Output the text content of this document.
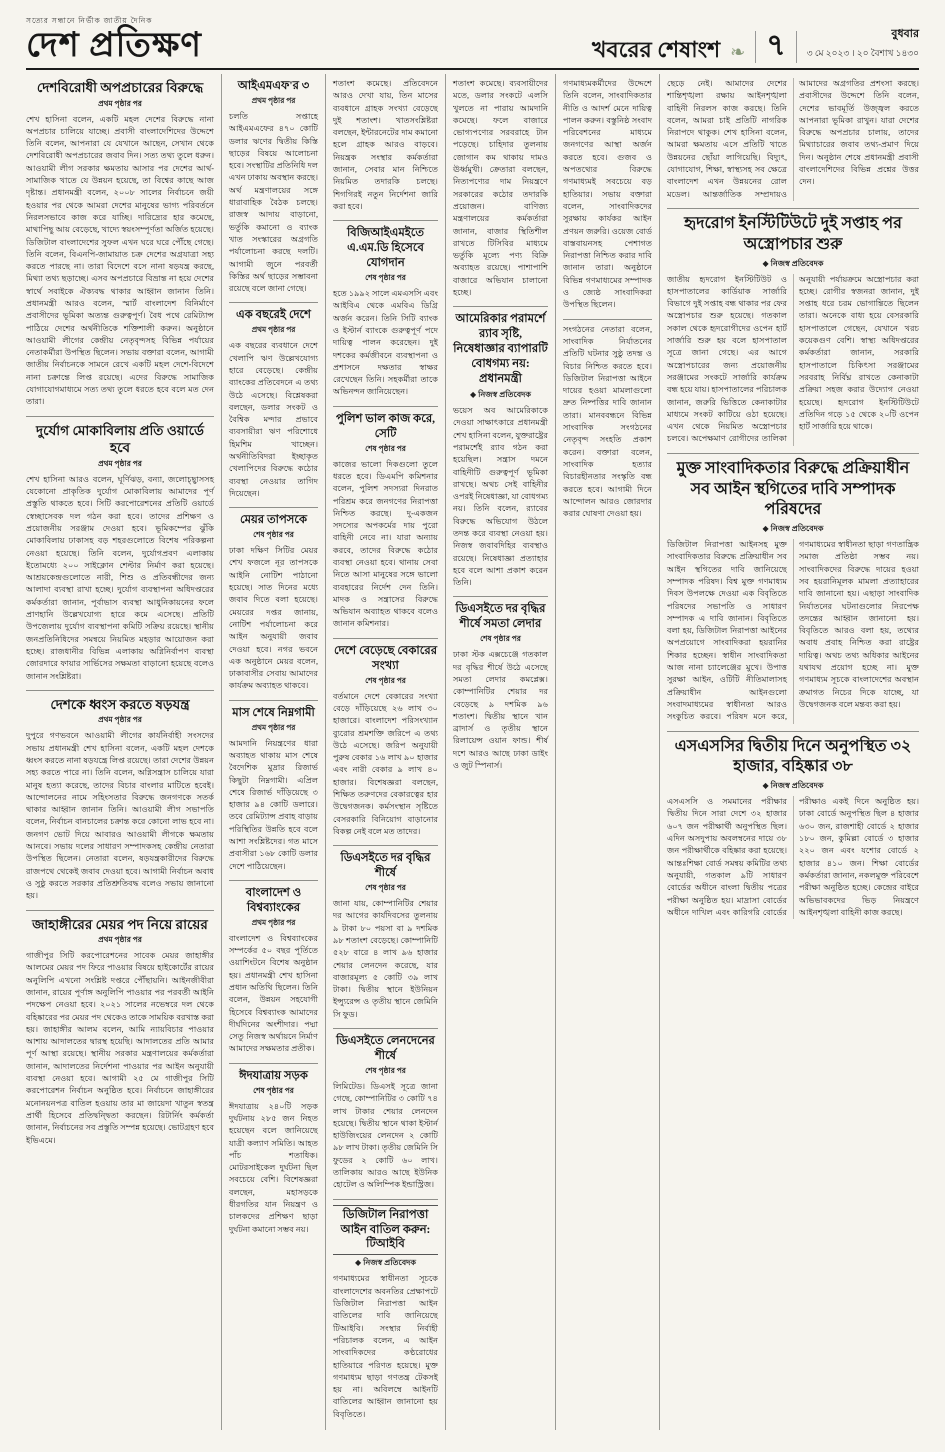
সত্যের সন্ধানে নির্ভীক জাতীয় দৈনিক
দেশ প্রতিক্ষণ	খবরের শেষাংশ ❧ ৭	বুধবার
৩ মে ২০২৩ । ২০ বৈশাখ ১৪৩০
দেশবিরোধী অপপ্রচারের বিরুদ্ধে
প্রথম পৃষ্ঠার পর

শেখ হাসিনা বলেন, একটি মহল দেশের বিরুদ্ধে নানা অপপ্রচার চালিয়ে যাচ্ছে। প্রবাসী বাংলাদেশিদের উদ্দেশে তিনি বলেন, আপনারা যে যেখানে আছেন, সেখান থেকে দেশবিরোধী অপপ্রচারের জবাব দিন। সত্য তথ্য তুলে ধরুন। আওয়ামী লীগ সরকার ক্ষমতায় আসার পর দেশের আর্থ-সামাজিক খাতে যে উন্নয়ন হয়েছে, তা বিশ্বের কাছে আজ দৃষ্টান্ত। প্রধানমন্ত্রী বলেন, ২০০৮ সালের নির্বাচনে জয়ী হওয়ার পর থেকে আমরা দেশের মানুষের ভাগ্য পরিবর্তনে নিরলসভাবে কাজ করে যাচ্ছি। দারিদ্র্যের হার কমেছে, মাথাপিছু আয় বেড়েছে, খাদ্যে স্বয়ংসম্পূর্ণতা অর্জিত হয়েছে। ডিজিটাল বাংলাদেশের সুফল এখন ঘরে ঘরে পৌঁছে গেছে। তিনি বলেন, বিএনপি-জামায়াত চক্র দেশের অগ্রযাত্রা সহ্য করতে পারছে না। তারা বিদেশে বসে নানা ষড়যন্ত্র করছে, মিথ্যা তথ্য ছড়াচ্ছে। এসব অপপ্রচারে বিভ্রান্ত না হয়ে দেশের স্বার্থে সবাইকে ঐক্যবদ্ধ থাকার আহ্বান জানান তিনি। প্রধানমন্ত্রী আরও বলেন, স্মার্ট বাংলাদেশ বিনির্মাণে প্রবাসীদের ভূমিকা অত্যন্ত গুরুত্বপূর্ণ। বৈধ পথে রেমিট্যান্স পাঠিয়ে দেশের অর্থনীতিকে শক্তিশালী করুন। অনুষ্ঠানে আওয়ামী লীগের কেন্দ্রীয় নেতৃবৃন্দসহ বিভিন্ন পর্যায়ের নেতাকর্মীরা উপস্থিত ছিলেন। সভায় বক্তারা বলেন, আগামী জাতীয় নির্বাচনকে সামনে রেখে একটি মহল দেশে-বিদেশে নানা চক্রান্তে লিপ্ত রয়েছে। এদের বিরুদ্ধে সামাজিক যোগাযোগমাধ্যমে সত্য তথ্য তুলে ধরতে হবে বলে মত দেন তারা।

দুর্যোগ মোকাবিলায় প্রতি ওয়ার্ডে হবে
প্রথম পৃষ্ঠার পর

শেখ হাসিনা আরও বলেন, ঘূর্ণিঝড়, বন্যা, জলোচ্ছ্বাসসহ যেকোনো প্রাকৃতিক দুর্যোগ মোকাবিলায় আমাদের পূর্ণ প্রস্তুতি থাকতে হবে। সিটি করপোরেশনের প্রতিটি ওয়ার্ডে স্বেচ্ছাসেবক দল গঠন করা হবে। তাদের প্রশিক্ষণ ও প্রয়োজনীয় সরঞ্জাম দেওয়া হবে। ভূমিকম্পের ঝুঁকি মোকাবিলায় ঢাকাসহ বড় শহরগুলোতে বিশেষ পরিকল্পনা নেওয়া হয়েছে। তিনি বলেন, দুর্যোগপ্রবণ এলাকায় ইতোমধ্যে ২০০ সাইক্লোন শেল্টার নির্মাণ করা হয়েছে। আশ্রয়কেন্দ্রগুলোতে নারী, শিশু ও প্রতিবন্ধীদের জন্য আলাদা ব্যবস্থা রাখা হচ্ছে। দুর্যোগ ব্যবস্থাপনা অধিদপ্তরের কর্মকর্তারা জানান, পূর্বাভাস ব্যবস্থা আধুনিকায়নের ফলে প্রাণহানি উল্লেখযোগ্য হারে কমে এসেছে। প্রতিটি উপজেলায় দুর্যোগ ব্যবস্থাপনা কমিটি সক্রিয় রয়েছে। স্থানীয় জনপ্রতিনিধিদের সমন্বয়ে নিয়মিত মহড়ার আয়োজন করা হচ্ছে। রাজধানীর বিভিন্ন এলাকায় অগ্নিনির্বাপণ ব্যবস্থা জোরদারে ফায়ার সার্ভিসের সক্ষমতা বাড়ানো হয়েছে বলেও জানান সংশ্লিষ্টরা।

দেশকে ধ্বংস করতে ষড়যন্ত্র
প্রথম পৃষ্ঠার পর

দুপুরে গণভবনে আওয়ামী লীগের কার্যনির্বাহী সংসদের সভায় প্রধানমন্ত্রী শেখ হাসিনা বলেন, একটি মহল দেশকে ধ্বংস করতে নানা ষড়যন্ত্রে লিপ্ত রয়েছে। তারা দেশের উন্নয়ন সহ্য করতে পারে না। তিনি বলেন, অগ্নিসন্ত্রাস চালিয়ে যারা মানুষ হত্যা করেছে, তাদের বিচার বাংলার মাটিতে হবেই। আন্দোলনের নামে সহিংসতার বিরুদ্ধে জনগণকে সতর্ক থাকার আহ্বান জানান তিনি। আওয়ামী লীগ সভাপতি বলেন, নির্বাচন বানচালের চক্রান্ত করে কোনো লাভ হবে না। জনগণ ভোট দিয়ে আবারও আওয়ামী লীগকে ক্ষমতায় আনবে। সভায় দলের সাধারণ সম্পাদকসহ কেন্দ্রীয় নেতারা উপস্থিত ছিলেন। নেতারা বলেন, ষড়যন্ত্রকারীদের বিরুদ্ধে রাজপথে থেকেই জবাব দেওয়া হবে। আগামী নির্বাচন অবাধ ও সুষ্ঠু করতে সরকার প্রতিশ্রুতিবদ্ধ বলেও সভায় জানানো হয়।

জাহাঙ্গীরের মেয়র পদ নিয়ে রায়ের
প্রথম পৃষ্ঠার পর

গাজীপুর সিটি করপোরেশনের সাবেক মেয়র জাহাঙ্গীর আলমের মেয়র পদ ফিরে পাওয়ার বিষয়ে হাইকোর্টের রায়ের অনুলিপি এখনো সংশ্লিষ্ট দপ্তরে পৌঁছায়নি। আইনজীবীরা জানান, রায়ের পূর্ণাঙ্গ অনুলিপি পাওয়ার পর পরবর্তী আইনি পদক্ষেপ নেওয়া হবে। ২০২১ সালের নভেম্বরে দল থেকে বহিষ্কারের পর মেয়র পদ থেকেও তাকে সাময়িক বরখাস্ত করা হয়। জাহাঙ্গীর আলম বলেন, আমি ন্যায়বিচার পাওয়ার আশায় আদালতের দ্বারস্থ হয়েছি। আদালতের প্রতি আমার পূর্ণ আস্থা রয়েছে। স্থানীয় সরকার মন্ত্রণালয়ের কর্মকর্তারা জানান, আদালতের নির্দেশনা পাওয়ার পর আইন অনুযায়ী ব্যবস্থা নেওয়া হবে। আগামী ২৫ মে গাজীপুর সিটি করপোরেশন নির্বাচন অনুষ্ঠিত হবে। নির্বাচনে জাহাঙ্গীরের মনোনয়নপত্র বাতিল হওয়ায় তার মা জায়েদা খাতুন স্বতন্ত্র প্রার্থী হিসেবে প্রতিদ্বন্দ্বিতা করছেন। রিটার্নিং কর্মকর্তা জানান, নির্বাচনের সব প্রস্তুতি সম্পন্ন হয়েছে। ভোটগ্রহণ হবে ইভিএমে।

আইএমএফ'র ৩
প্রথম পৃষ্ঠার পর

চলতি সপ্তাহে আইএমএফের ৪৭০ কোটি ডলার ঋণের দ্বিতীয় কিস্তি ছাড়ের বিষয়ে আলোচনা হবে। সংস্থাটির প্রতিনিধি দল এখন ঢাকায় অবস্থান করছে। অর্থ মন্ত্রণালয়ের সঙ্গে ধারাবাহিক বৈঠক চলছে। রাজস্ব আদায় বাড়ানো, ভর্তুকি কমানো ও ব্যাংক খাত সংস্কারের অগ্রগতি পর্যালোচনা করছে দলটি। আগামী জুনে পরবর্তী কিস্তির অর্থ ছাড়ের সম্ভাবনা রয়েছে বলে জানা গেছে।

এক বছরেই দেশে
প্রথম পৃষ্ঠার পর

এক বছরের ব্যবধানে দেশে খেলাপি ঋণ উল্লেখযোগ্য হারে বেড়েছে। কেন্দ্রীয় ব্যাংকের প্রতিবেদনে এ তথ্য উঠে এসেছে। বিশ্লেষকরা বলছেন, ডলার সংকট ও বৈশ্বিক মন্দার প্রভাবে ব্যবসায়ীরা ঋণ পরিশোধে হিমশিম খাচ্ছেন। অর্থনীতিবিদরা ইচ্ছাকৃত খেলাপিদের বিরুদ্ধে কঠোর ব্যবস্থা নেওয়ার তাগিদ দিয়েছেন।

মেয়র তাপসকে
শেষ পৃষ্ঠার পর

ঢাকা দক্ষিণ সিটির মেয়র শেখ ফজলে নূর তাপসকে আইনি নোটিশ পাঠানো হয়েছে। সাত দিনের মধ্যে জবাব দিতে বলা হয়েছে। মেয়রের দপ্তর জানায়, নোটিশ পর্যালোচনা করে আইন অনুযায়ী জবাব দেওয়া হবে। নগর ভবনে এক অনুষ্ঠানে মেয়র বলেন, ঢাকাবাসীর সেবায় আমাদের কার্যক্রম অব্যাহত থাকবে।

মাস শেষে নিম্নগামী
প্রথম পৃষ্ঠার পর

আমদানি নিয়ন্ত্রণের ধারা অব্যাহত থাকায় মাস শেষে বৈদেশিক মুদ্রার রিজার্ভ কিছুটা নিম্নগামী। এপ্রিল শেষে রিজার্ভ দাঁড়িয়েছে ৩ হাজার ৯৪ কোটি ডলারে। তবে রেমিট্যান্স প্রবাহ বাড়ায় পরিস্থিতির উন্নতি হবে বলে আশা সংশ্লিষ্টদের। গত মাসে প্রবাসীরা ১৬৮ কোটি ডলার দেশে পাঠিয়েছেন।

বাংলাদেশ ও বিশ্বব্যাংকের
প্রথম পৃষ্ঠার পর

বাংলাদেশ ও বিশ্বব্যাংকের সম্পর্কের ৫০ বছর পূর্তিতে ওয়াশিংটনে বিশেষ অনুষ্ঠান হয়। প্রধানমন্ত্রী শেখ হাসিনা প্রধান অতিথি ছিলেন। তিনি বলেন, উন্নয়ন সহযোগী হিসেবে বিশ্বব্যাংক আমাদের দীর্ঘদিনের অংশীদার। পদ্মা সেতু নিজস্ব অর্থায়নে নির্মাণ আমাদের সক্ষমতার প্রতীক।

ঈদযাত্রায় সড়ক
শেষ পৃষ্ঠার পর

ঈদযাত্রায় ২৪০টি সড়ক দুর্ঘটনায় ২৮৫ জন নিহত হয়েছেন বলে জানিয়েছে যাত্রী কল্যাণ সমিতি। আহত পাঁচ শতাধিক। মোটরসাইকেল দুর্ঘটনা ছিল সবচেয়ে বেশি। বিশেষজ্ঞরা বলছেন, মহাসড়কে ধীরগতির যান নিয়ন্ত্রণ ও চালকদের প্রশিক্ষণ ছাড়া দুর্ঘটনা কমানো সম্ভব নয়।

শতাংশ কমেছে। প্রতিবেদনে আরও দেখা যায়, তিন মাসের ব্যবধানে গ্রাহক সংখ্যা বেড়েছে দুই শতাংশ। খাতসংশ্লিষ্টরা বলছেন, ইন্টারনেটের দাম কমানো হলে গ্রাহক আরও বাড়বে। নিয়ন্ত্রক সংস্থার কর্মকর্তারা জানান, সেবার মান নিশ্চিতে নিয়মিত তদারকি চলছে। শিগগিরই নতুন নির্দেশনা জারি করা হবে।

বিজিআইএমইতে এ.এম.ডি হিসেবে যোগদান
শেষ পৃষ্ঠার পর

হতে ১৯৯২ সালে এমএসসি এবং আইবিএ থেকে এমবিএ ডিগ্রি অর্জন করেন। তিনি সিটি ব্যাংক ও ইস্টার্ন ব্যাংকে গুরুত্বপূর্ণ পদে দায়িত্ব পালন করেছেন। দুই দশকের কর্মজীবনে ব্যবস্থাপনা ও প্রশাসনে দক্ষতার স্বাক্ষর রেখেছেন তিনি। সহকর্মীরা তাকে অভিনন্দন জানিয়েছেন।

পুলিশ ভাল কাজ করে, সেটি
শেষ পৃষ্ঠার পর

কাজের ভালো দিকগুলো তুলে ধরতে হবে। ডিএমপি কমিশনার বলেন, পুলিশ সদস্যরা দিনরাত পরিশ্রম করে জনগণের নিরাপত্তা নিশ্চিত করছে। দু-একজন সদস্যের অপকর্মের দায় পুরো বাহিনী নেবে না। যারা অন্যায় করবে, তাদের বিরুদ্ধে কঠোর ব্যবস্থা নেওয়া হবে। থানায় সেবা নিতে আসা মানুষের সঙ্গে ভালো ব্যবহারের নির্দেশ দেন তিনি। মাদক ও সন্ত্রাসের বিরুদ্ধে অভিযান অব্যাহত থাকবে বলেও জানান কমিশনার।

দেশে বেড়েছে বেকারের সংখ্যা
শেষ পৃষ্ঠার পর

বর্তমানে দেশে বেকারের সংখ্যা বেড়ে দাঁড়িয়েছে ২৬ লাখ ৩০ হাজারে। বাংলাদেশ পরিসংখ্যান ব্যুরোর শ্রমশক্তি জরিপে এ তথ্য উঠে এসেছে। জরিপ অনুযায়ী পুরুষ বেকার ১৬ লাখ ৯০ হাজার এবং নারী বেকার ৯ লাখ ৪০ হাজার। বিশেষজ্ঞরা বলছেন, শিক্ষিত তরুণদের বেকারত্বের হার উদ্বেগজনক। কর্মসংস্থান সৃষ্টিতে বেসরকারি বিনিয়োগ বাড়ানোর বিকল্প নেই বলে মত তাদের।

ডিএসইতে দর বৃদ্ধির শীর্ষে
শেষ পৃষ্ঠার পর

জানা যায়, কোম্পানিটির শেয়ার দর আগের কার্যদিবসের তুলনায় ৯ টাকা ৮০ পয়সা বা ৯ দশমিক ৯৮ শতাংশ বেড়েছে। কোম্পানিটি ৫২৮ বারে ৪ লাখ ৯৬ হাজার শেয়ার লেনদেন করেছে, যার বাজারমূল্য ৫ কোটি ৩৯ লাখ টাকা। দ্বিতীয় স্থানে ইউনিয়ন ইন্স্যুরেন্স ও তৃতীয় স্থানে জেমিনি সি ফুড।

ডিএসইতে লেনদেনের শীর্ষে
শেষ পৃষ্ঠার পর

লিমিটেড। ডিএসই সূত্রে জানা গেছে, কোম্পানিটির ৩ কোটি ৭৪ লাখ টাকার শেয়ার লেনদেন হয়েছে। দ্বিতীয় স্থানে থাকা ইস্টার্ন হাউজিংয়ের লেনদেন ২ কোটি ৯৮ লাখ টাকা। তৃতীয় জেমিনি সি ফুডের ২ কোটি ৬০ লাখ। তালিকায় আরও আছে ইউনিক হোটেল ও অলিম্পিক ইন্ডাস্ট্রিজ।

ডিজিটাল নিরাপত্তা আইন বাতিল করুন: টিআইবি
◆ নিজস্ব প্রতিবেদক

গণমাধ্যমের স্বাধীনতা সূচকে বাংলাদেশের অবনতির প্রেক্ষাপটে ডিজিটাল নিরাপত্তা আইন বাতিলের দাবি জানিয়েছে টিআইবি। সংস্থার নির্বাহী পরিচালক বলেন, এ আইন সাংবাদিকদের কণ্ঠরোধের হাতিয়ারে পরিণত হয়েছে। মুক্ত গণমাধ্যম ছাড়া গণতন্ত্র টেকসই হয় না। অবিলম্বে আইনটি বাতিলের আহ্বান জানানো হয় বিবৃতিতে।

শতাংশ কমেছে। ব্যবসায়ীদের মতে, ডলার সংকটে এলসি খুলতে না পারায় আমদানি কমেছে। ফলে বাজারে ভোগ্যপণ্যের সরবরাহে টান পড়েছে। চাহিদার তুলনায় জোগান কম থাকায় দামও ঊর্ধ্বমুখী। ক্রেতারা বলছেন, নিত্যপণ্যের দাম নিয়ন্ত্রণে সরকারের কঠোর তদারকি প্রয়োজন। বাণিজ্য মন্ত্রণালয়ের কর্মকর্তারা জানান, বাজার স্থিতিশীল রাখতে টিসিবির মাধ্যমে ভর্তুকি মূল্যে পণ্য বিক্রি অব্যাহত রয়েছে। পাশাপাশি বাজারে অভিযান চালানো হচ্ছে।

আমেরিকার পরামর্শে র‍্যাব সৃষ্টি, নিষেধাজ্ঞার ব্যাপারটি বোধগম্য নয়: প্রধানমন্ত্রী
◆ নিজস্ব প্রতিবেদক

ভয়েস অব আমেরিকাকে দেওয়া সাক্ষাৎকারে প্রধানমন্ত্রী শেখ হাসিনা বলেন, যুক্তরাষ্ট্রের পরামর্শেই র‍্যাব গঠন করা হয়েছিল। সন্ত্রাস দমনে বাহিনীটি গুরুত্বপূর্ণ ভূমিকা রাখছে। অথচ সেই বাহিনীর ওপরই নিষেধাজ্ঞা, যা বোধগম্য নয়। তিনি বলেন, র‍্যাবের বিরুদ্ধে অভিযোগ উঠলে তদন্ত করে ব্যবস্থা নেওয়া হয়। নিজস্ব জবাবদিহির ব্যবস্থাও রয়েছে। নিষেধাজ্ঞা প্রত্যাহার হবে বলে আশা প্রকাশ করেন তিনি।

ডিএসইতে দর বৃদ্ধির শীর্ষে সমতা লেদার
শেষ পৃষ্ঠার পর

ঢাকা স্টক এক্সচেঞ্জে গতকাল দর বৃদ্ধির শীর্ষে উঠে এসেছে সমতা লেদার কমপ্লেক্স। কোম্পানিটির শেয়ার দর বেড়েছে ৯ দশমিক ৯৬ শতাংশ। দ্বিতীয় স্থানে খান ব্রাদার্স ও তৃতীয় স্থানে রিলায়েন্স ওয়ান ফান্ড। শীর্ষ দশে আরও আছে ঢাকা ডাইং ও জুট স্পিনার্স।

গণমাধ্যমকর্মীদের উদ্দেশে তিনি বলেন, সাংবাদিকতার নীতি ও আদর্শ মেনে দায়িত্ব পালন করুন। বস্তুনিষ্ঠ সংবাদ পরিবেশনের মাধ্যমে জনগণের আস্থা অর্জন করতে হবে। গুজব ও অপতথ্যের বিরুদ্ধে গণমাধ্যমই সবচেয়ে বড় হাতিয়ার। সভায় বক্তারা বলেন, সাংবাদিকদের সুরক্ষায় কার্যকর আইন প্রণয়ন জরুরি। ওয়েজ বোর্ড বাস্তবায়নসহ পেশাগত নিরাপত্তা নিশ্চিত করার দাবি জানান তারা। অনুষ্ঠানে বিভিন্ন গণমাধ্যমের সম্পাদক ও জ্যেষ্ঠ সাংবাদিকরা উপস্থিত ছিলেন।

সংগঠনের নেতারা বলেন, সাংবাদিক নির্যাতনের প্রতিটি ঘটনার সুষ্ঠু তদন্ত ও বিচার নিশ্চিত করতে হবে। ডিজিটাল নিরাপত্তা আইনে দায়ের হওয়া মামলাগুলো দ্রুত নিষ্পত্তির দাবি জানান তারা। মানববন্ধনে বিভিন্ন সাংবাদিক সংগঠনের নেতৃবৃন্দ সংহতি প্রকাশ করেন। বক্তারা বলেন, সাংবাদিক হত্যার বিচারহীনতার সংস্কৃতি বন্ধ করতে হবে। আগামী দিনে আন্দোলন আরও জোরদার করার ঘোষণা দেওয়া হয়।

ছেড়ে নেই। আমাদের দেশের শান্তিশৃঙ্খলা রক্ষায় আইনশৃঙ্খলা বাহিনী নিরলস কাজ করছে। তিনি বলেন, আমরা চাই প্রতিটি নাগরিক নিরাপদে থাকুক। শেখ হাসিনা বলেন, আমরা ক্ষমতায় এসে প্রতিটি খাতে উন্নয়নের ছোঁয়া লাগিয়েছি। বিদ্যুৎ, যোগাযোগ, শিক্ষা, স্বাস্থ্যসহ সব ক্ষেত্রে বাংলাদেশ এখন উন্নয়নের রোল মডেল। আন্তর্জাতিক সম্প্রদায়ও আমাদের অগ্রগতির প্রশংসা করছে। প্রবাসীদের উদ্দেশে তিনি বলেন, দেশের ভাবমূর্তি উজ্জ্বল করতে আপনারা ভূমিকা রাখুন। যারা দেশের বিরুদ্ধে অপপ্রচার চালায়, তাদের মিথ্যাচারের জবাব তথ্য-প্রমাণ দিয়ে দিন। অনুষ্ঠান শেষে প্রধানমন্ত্রী প্রবাসী বাংলাদেশিদের বিভিন্ন প্রশ্নের উত্তর দেন।

হৃদরোগ ইনস্টিটিউটে দুই সপ্তাহ পর অস্ত্রোপচার শুরু
◆ নিজস্ব প্রতিবেদক

জাতীয় হৃদরোগ ইনস্টিটিউট ও হাসপাতালের কার্ডিয়াক সার্জারি বিভাগে দুই সপ্তাহ বন্ধ থাকার পর ফের অস্ত্রোপচার শুরু হয়েছে। গতকাল সকাল থেকে হৃদরোগীদের ওপেন হার্ট সার্জারি শুরু হয় বলে হাসপাতাল সূত্রে জানা গেছে। এর আগে অস্ত্রোপচারের জন্য প্রয়োজনীয় সরঞ্জামের সংকটে সার্জারি কার্যক্রম বন্ধ হয়ে যায়। হাসপাতালের পরিচালক জানান, জরুরি ভিত্তিতে কেনাকাটার মাধ্যমে সংকট কাটিয়ে ওঠা হয়েছে। এখন থেকে নিয়মিত অস্ত্রোপচার চলবে। অপেক্ষমাণ রোগীদের তালিকা অনুযায়ী পর্যায়ক্রমে অস্ত্রোপচার করা হচ্ছে। রোগীর স্বজনরা জানান, দুই সপ্তাহ ধরে চরম ভোগান্তিতে ছিলেন তারা। অনেকে বাধ্য হয়ে বেসরকারি হাসপাতালে গেছেন, যেখানে খরচ কয়েকগুণ বেশি। স্বাস্থ্য অধিদপ্তরের কর্মকর্তারা জানান, সরকারি হাসপাতালে চিকিৎসা সরঞ্জামের সরবরাহ নির্বিঘ্ন রাখতে কেনাকাটা প্রক্রিয়া সহজ করার উদ্যোগ নেওয়া হয়েছে। হৃদরোগ ইনস্টিটিউটে প্রতিদিন গড়ে ১৫ থেকে ২০টি ওপেন হার্ট সার্জারি হয়ে থাকে।

মুক্ত সাংবাদিকতার বিরুদ্ধে প্রক্রিয়াধীন সব আইন স্থগিতের দাবি সম্পাদক পরিষদের
◆ নিজস্ব প্রতিবেদক

ডিজিটাল নিরাপত্তা আইনসহ মুক্ত সাংবাদিকতার বিরুদ্ধে প্রক্রিয়াধীন সব আইন স্থগিতের দাবি জানিয়েছে সম্পাদক পরিষদ। বিশ্ব মুক্ত গণমাধ্যম দিবস উপলক্ষে দেওয়া এক বিবৃতিতে পরিষদের সভাপতি ও সাধারণ সম্পাদক এ দাবি জানান। বিবৃতিতে বলা হয়, ডিজিটাল নিরাপত্তা আইনের অপপ্রয়োগে সাংবাদিকরা হয়রানির শিকার হচ্ছেন। স্বাধীন সাংবাদিকতা আজ নানা চ্যালেঞ্জের মুখে। উপাত্ত সুরক্ষা আইন, ওটিটি নীতিমালাসহ প্রক্রিয়াধীন আইনগুলো সংবাদমাধ্যমের স্বাধীনতা আরও সংকুচিত করবে। পরিষদ মনে করে, গণমাধ্যমের স্বাধীনতা ছাড়া গণতান্ত্রিক সমাজ প্রতিষ্ঠা সম্ভব নয়। সাংবাদিকদের বিরুদ্ধে দায়ের হওয়া সব হয়রানিমূলক মামলা প্রত্যাহারের দাবি জানানো হয়। এছাড়া সাংবাদিক নির্যাতনের ঘটনাগুলোর নিরপেক্ষ তদন্তের আহ্বান জানানো হয়। বিবৃতিতে আরও বলা হয়, তথ্যের অবাধ প্রবাহ নিশ্চিত করা রাষ্ট্রের দায়িত্ব। অথচ তথ্য অধিকার আইনের যথাযথ প্রয়োগ হচ্ছে না। মুক্ত গণমাধ্যম সূচকে বাংলাদেশের অবস্থান ক্রমাগত নিচের দিকে যাচ্ছে, যা উদ্বেগজনক বলে মন্তব্য করা হয়।

এসএসসির দ্বিতীয় দিনে অনুপস্থিত ৩২ হাজার, বহিষ্কার ৩৮
◆ নিজস্ব প্রতিবেদক

এসএসসি ও সমমানের পরীক্ষার দ্বিতীয় দিনে সারা দেশে ৩২ হাজার ৬০৭ জন পরীক্ষার্থী অনুপস্থিত ছিল। এদিন অসদুপায় অবলম্বনের দায়ে ৩৮ জন পরীক্ষার্থীকে বহিষ্কার করা হয়েছে। আন্তঃশিক্ষা বোর্ড সমন্বয় কমিটির তথ্য অনুযায়ী, গতকাল ৯টি সাধারণ বোর্ডের অধীনে বাংলা দ্বিতীয় পত্রের পরীক্ষা অনুষ্ঠিত হয়। মাদ্রাসা বোর্ডের অধীনে দাখিল এবং কারিগরি বোর্ডের পরীক্ষাও একই দিনে অনুষ্ঠিত হয়। ঢাকা বোর্ডে অনুপস্থিত ছিল ৪ হাজার ৬৩০ জন, রাজশাহী বোর্ডে ২ হাজার ১৮০ জন, কুমিল্লা বোর্ডে ৩ হাজার ২২০ জন এবং যশোর বোর্ডে ২ হাজার ৪১০ জন। শিক্ষা বোর্ডের কর্মকর্তারা জানান, নকলমুক্ত পরিবেশে পরীক্ষা অনুষ্ঠিত হচ্ছে। কেন্দ্রের বাইরে অভিভাবকদের ভিড় নিয়ন্ত্রণে আইনশৃঙ্খলা বাহিনী কাজ করছে।
